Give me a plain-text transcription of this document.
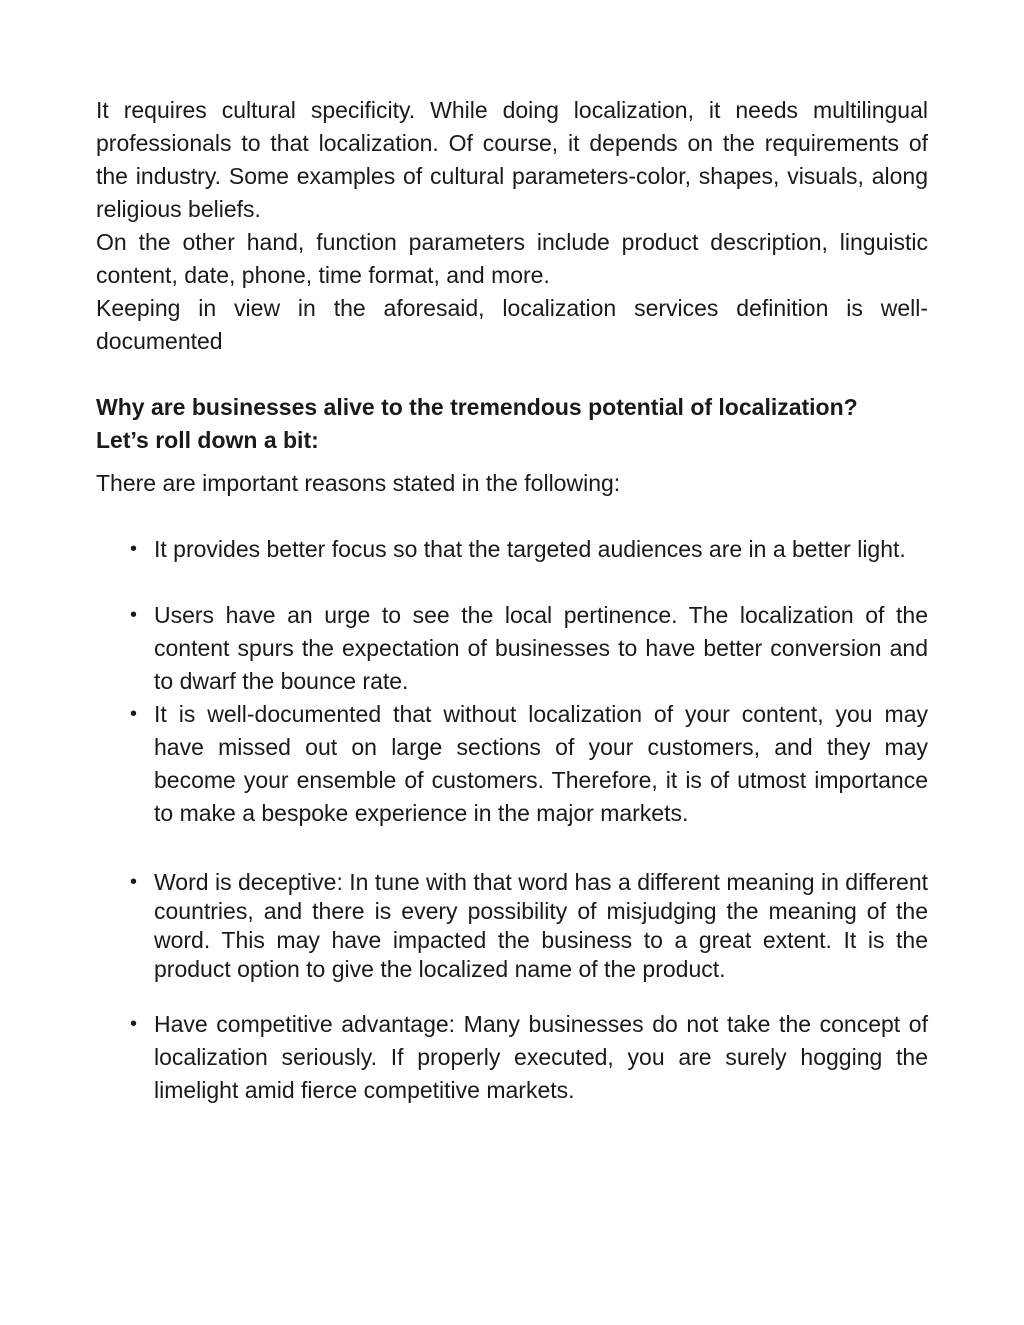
It requires cultural specificity. While doing localization, it needs multilingual professionals to that localization. Of course, it depends on the requirements of the industry. Some examples of cultural parameters-color, shapes, visuals, along religious beliefs.

On the other hand, function parameters include product description, linguistic content, date, phone, time format, and more.

Keeping in view in the aforesaid, localization services definition is well-documented

Why are businesses alive to the tremendous potential of localization?

Let’s roll down a bit:

There are important reasons stated in the following:

• It provides better focus so that the targeted audiences are in a better light.
• Users have an urge to see the local pertinence. The localization of the content spurs the expectation of businesses to have better conversion and to dwarf the bounce rate.
• It is well-documented that without localization of your content, you may have missed out on large sections of your customers, and they may become your ensemble of customers. Therefore, it is of utmost importance to make a bespoke experience in the major markets.
• Word is deceptive: In tune with that word has a different meaning in different countries, and there is every possibility of misjudging the meaning of the word. This may have impacted the business to a great extent. It is the product option to give the localized name of the product.
• Have competitive advantage: Many businesses do not take the concept of localization seriously. If properly executed, you are surely hogging the limelight amid fierce competitive markets.
